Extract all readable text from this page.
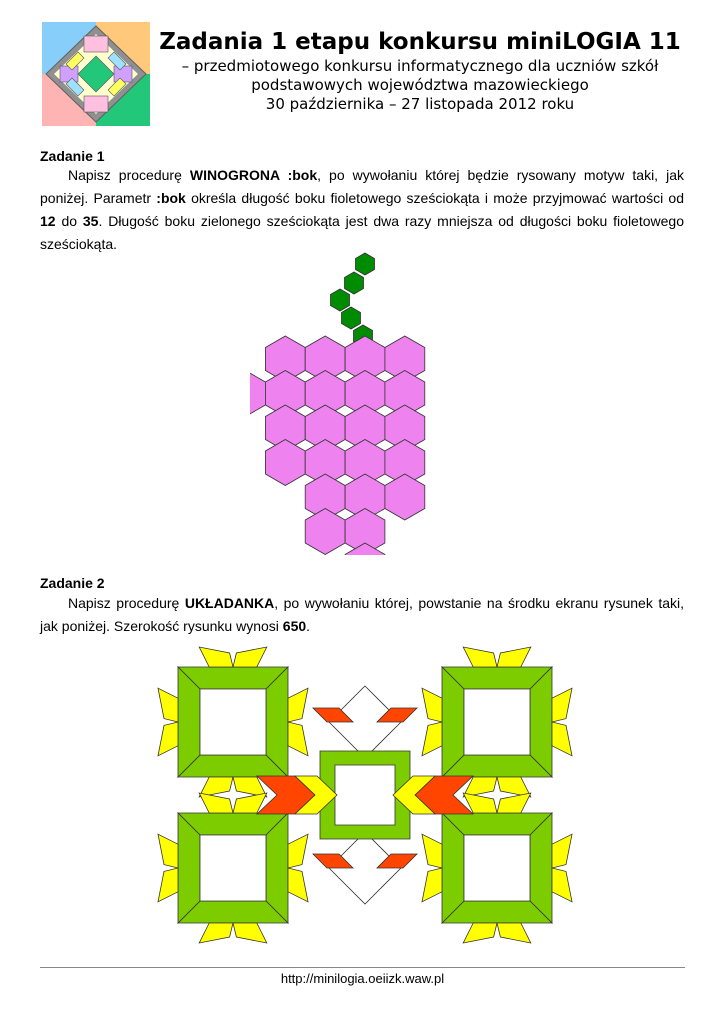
Zadania 1 etapu konkursu miniLOGIA 11
– przedmiotowego konkursu informatycznego dla uczniów szkół
podstawowych województwa mazowieckiego
30 października – 27 listopada 2012 roku
Zadanie 1
Napisz procedurę WINOGRONA :bok, po wywołaniu której będzie rysowany motyw taki, jak poniżej. Parametr :bok określa długość boku fioletowego sześciokąta i może przyjmować wartości od 12 do 35. Długość boku zielonego sześciokąta jest dwa razy mniejsza od długości boku fioletowego sześciokąta.
Zadanie 2
Napisz procedurę UKŁADANKA, po wywołaniu której, powstanie na środku ekranu rysunek taki, jak poniżej. Szerokość rysunku wynosi 650.
http://minilogia.oeiizk.waw.pl
